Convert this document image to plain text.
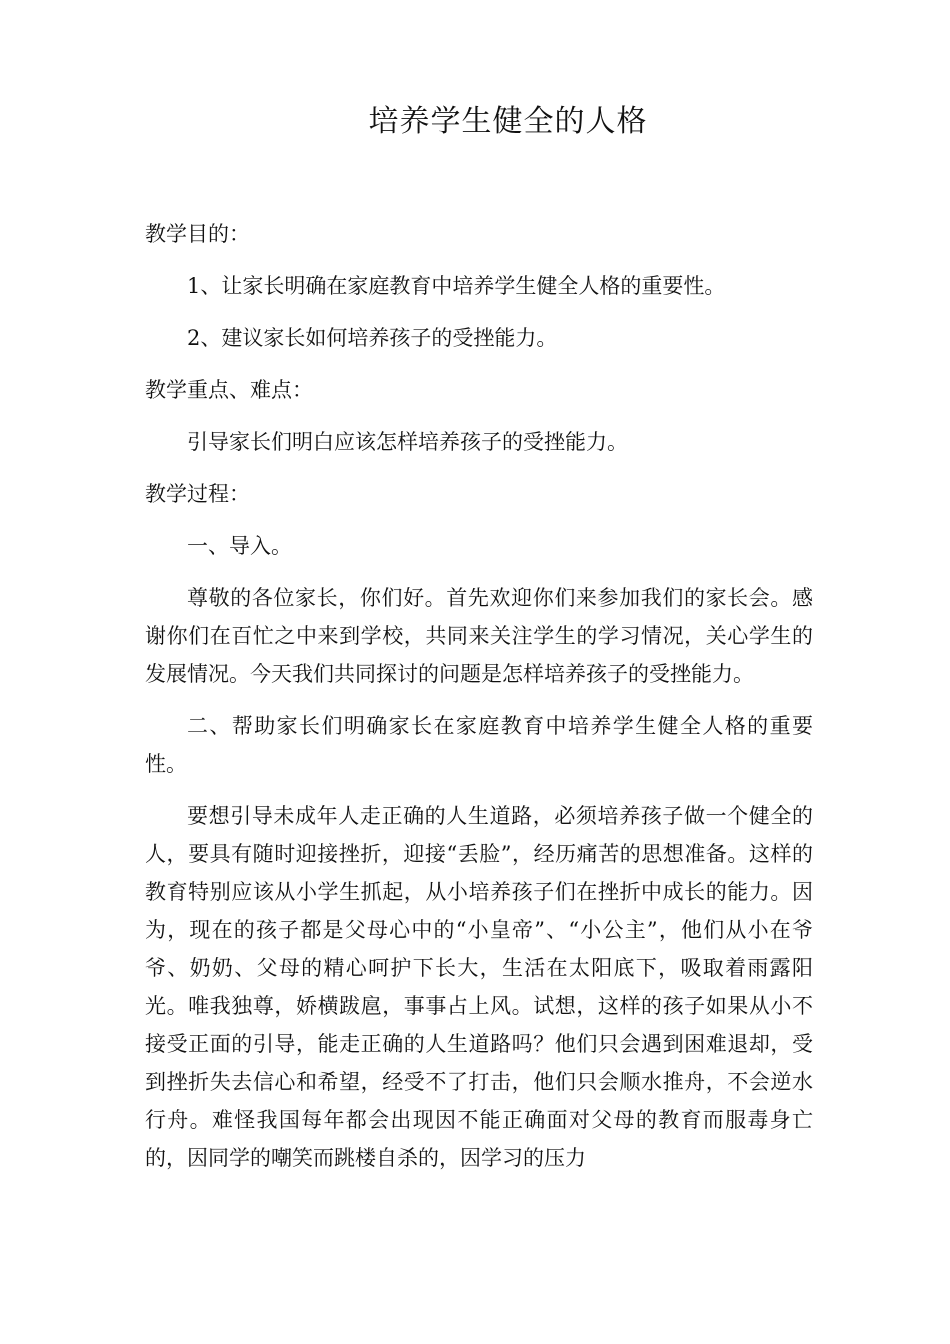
培养学生健全的人格
教学目的：
1、让家长明确在家庭教育中培养学生健全人格的重要性。
2、建议家长如何培养孩子的受挫能力。
教学重点、难点：
引导家长们明白应该怎样培养孩子的受挫能力。
教学过程：
一、导入。
尊敬的各位家长，你们好。首先欢迎你们来参加我们的家长会。感谢你们在百忙之中来到学校，共同来关注学生的学习情况，关心学生的发展情况。今天我们共同探讨的问题是怎样培养孩子的受挫能力。
二、帮助家长们明确家长在家庭教育中培养学生健全人格的重要性。
要想引导未成年人走正确的人生道路，必须培养孩子做一个健全的人，要具有随时迎接挫折，迎接“丢脸”，经历痛苦的思想准备。这样的教育特别应该从小学生抓起，从小培养孩子们在挫折中成长的能力。因为，现在的孩子都是父母心中的“小皇帝”、“小公主”，他们从小在爷爷、奶奶、父母的精心呵护下长大，生活在太阳底下，吸取着雨露阳光。唯我独尊，娇横跋扈，事事占上风。试想，这样的孩子如果从小不接受正面的引导，能走正确的人生道路吗？他们只会遇到困难退却，受到挫折失去信心和希望，经受不了打击，他们只会顺水推舟，不会逆水行舟。难怪我国每年都会出现因不能正确面对父母的教育而服毒身亡的，因同学的嘲笑而跳楼自杀的，因学习的压力
